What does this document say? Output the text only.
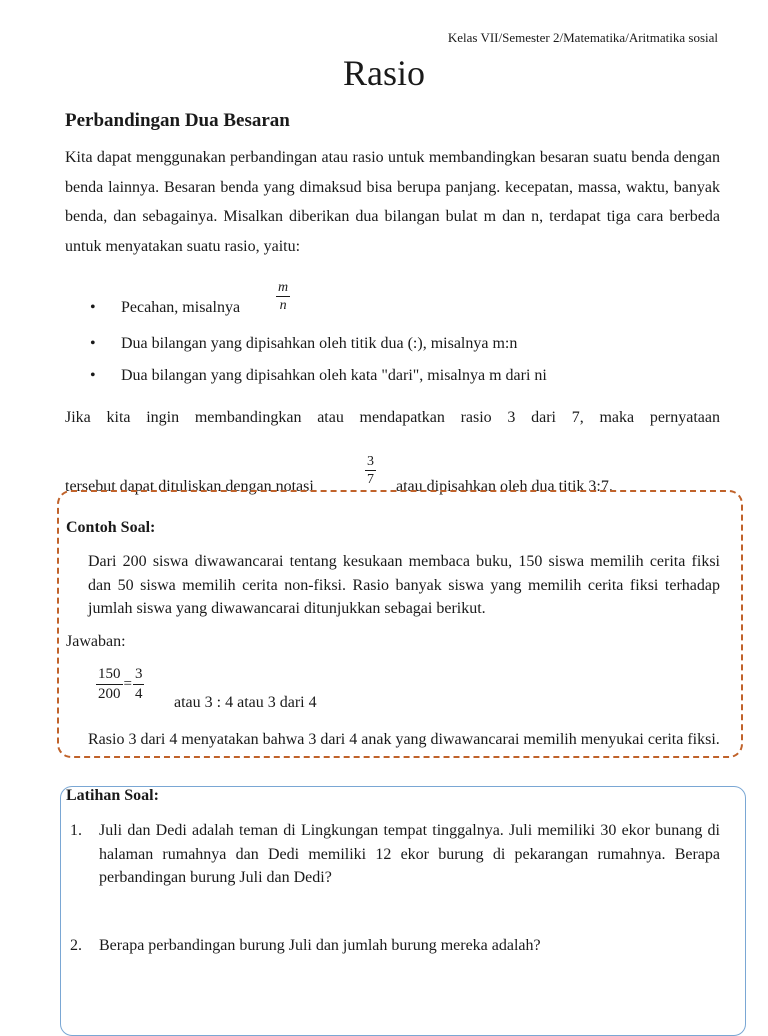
Kelas VII/Semester 2/Matematika/Aritmatika sosial
Rasio
Perbandingan Dua Besaran

Kita dapat menggunakan perbandingan atau rasio untuk membandingkan besaran suatu benda dengan benda lainnya. Besaran benda yang dimaksud bisa berupa panjang. kecepatan, massa, waktu, banyak benda, dan sebagainya. Misalkan diberikan dua bilangan bulat m dan n, terdapat tiga cara berbeda untuk menyatakan suatu rasio, yaitu:

• Pecahan, misalnya	$\frac{m}{n}$
• Dua bilangan yang dipisahkan oleh titik dua (:), misalnya m:n
• Dua bilangan yang dipisahkan oleh kata "dari", misalnya m dari ni
Jika kita ingin membandingkan atau mendapatkan rasio 3 dari 7, maka pernyataan
tersebut dapat dituliskan dengan notasi	$\frac{3}{7}$ atau dipisahkan oleh dua titik 3:7.
Contoh Soal:

Dari 200 siswa diwawancarai tentang kesukaan membaca buku, 150 siswa memilih cerita fiksi dan 50 siswa memilih cerita non-fiksi. Rasio banyak siswa yang memilih cerita fiksi terhadap jumlah siswa yang diwawancarai ditunjukkan sebagai berikut.

Jawaban:
$\frac{150}{200}= \frac{3}{4}$ atau 3 : 4 atau 3 dari 4

Rasio 3 dari 4 menyatakan bahwa 3 dari 4 anak yang diwawancarai memilih menyukai cerita fiksi.

Latihan Soal:
1. Juli dan Dedi adalah teman di Lingkungan tempat tinggalnya. Juli memiliki 30 ekor bunang di halaman rumahnya dan Dedi memiliki 12 ekor burung di pekarangan rumahnya. Berapa perbandingan burung Juli dan Dedi?
2. Berapa perbandingan burung Juli dan jumlah burung mereka adalah?
